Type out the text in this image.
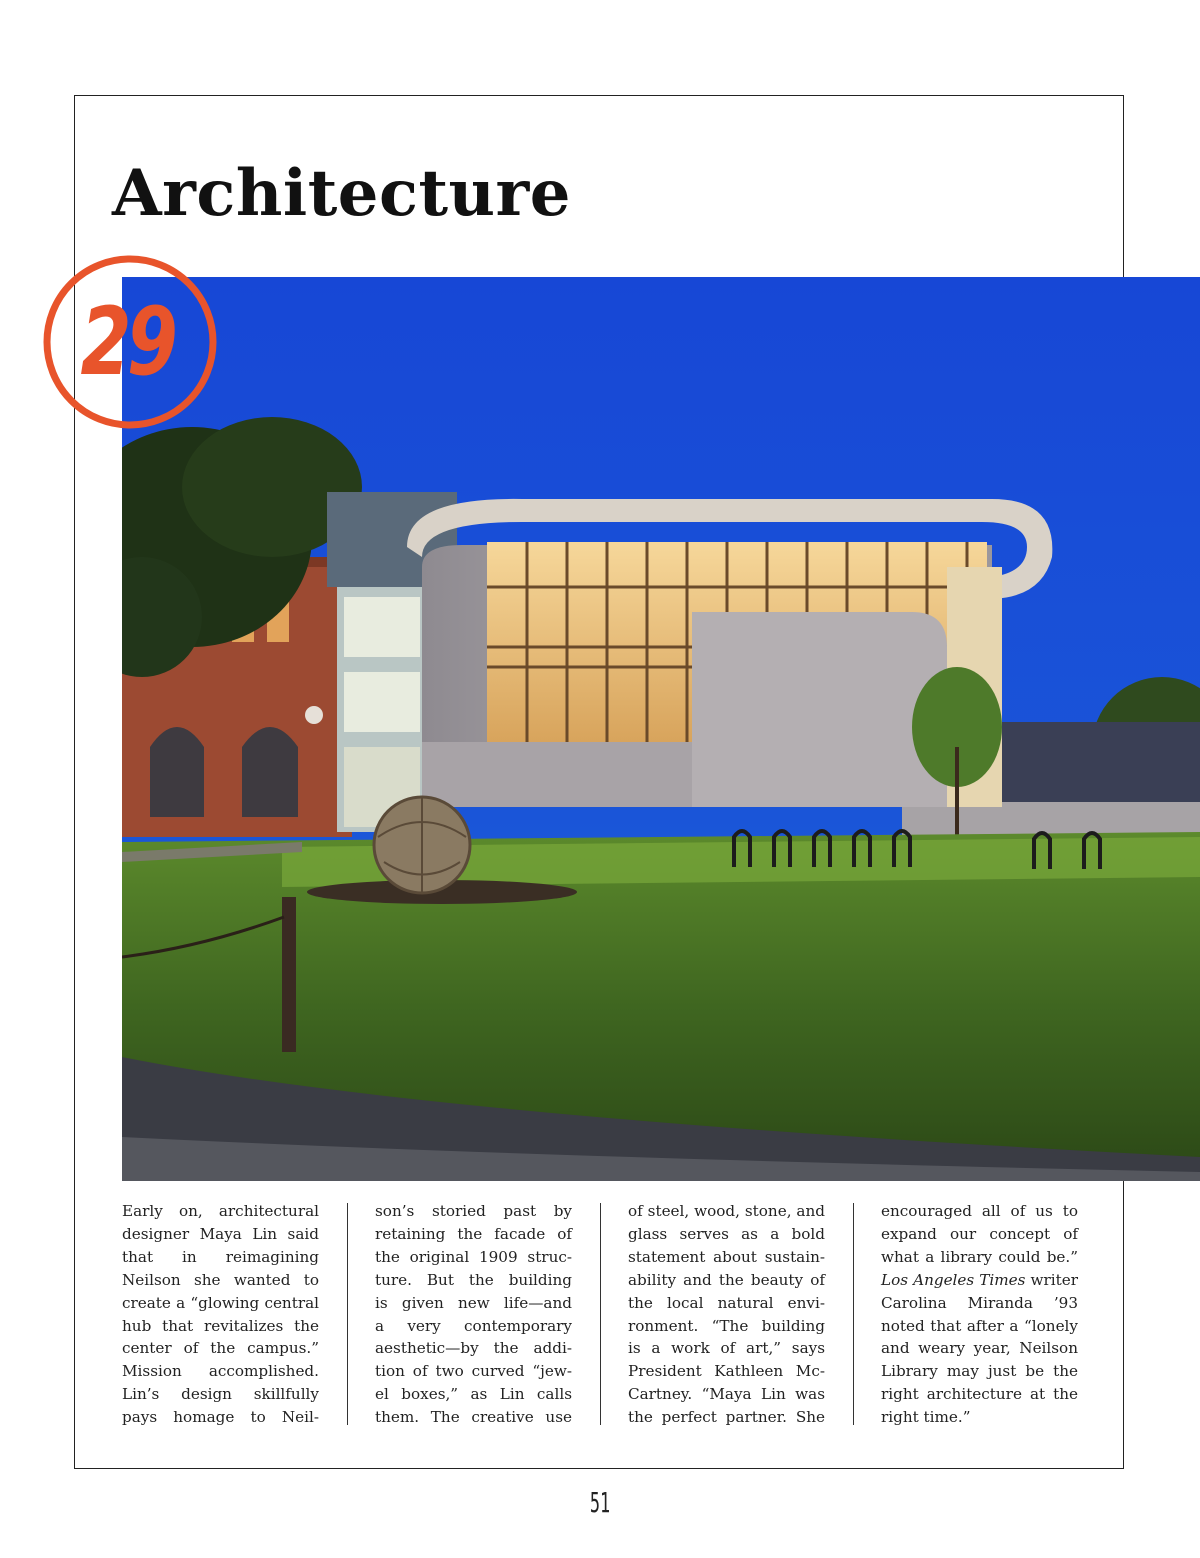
Architecture
29
Early on, architectural
designer Maya Lin said
that in reimagining
Neilson she wanted to
create a “glowing central
hub that revitalizes the
center of the campus.”
Mission accomplished.
Lin’s design skillfully
pays homage to Neil-
son’s storied past by
retaining the facade of
the original 1909 struc-
ture. But the building
is given new life—and
a very contemporary
aesthetic—by the addi-
tion of two curved “jew-
el boxes,” as Lin calls
them. The creative use
of steel, wood, stone, and
glass serves as a bold
statement about sustain-
ability and the beauty of
the local natural envi-
ronment. “The building
is a work of art,” says
President Kathleen Mc-
Cartney. “Maya Lin was
the perfect partner. She
encouraged all of us to
expand our concept of
what a library could be.”
Los Angeles Times writer
Carolina Miranda ’93
noted that after a “lonely
and weary year, Neilson
Library may just be the
right architecture at the
right time.”
51
